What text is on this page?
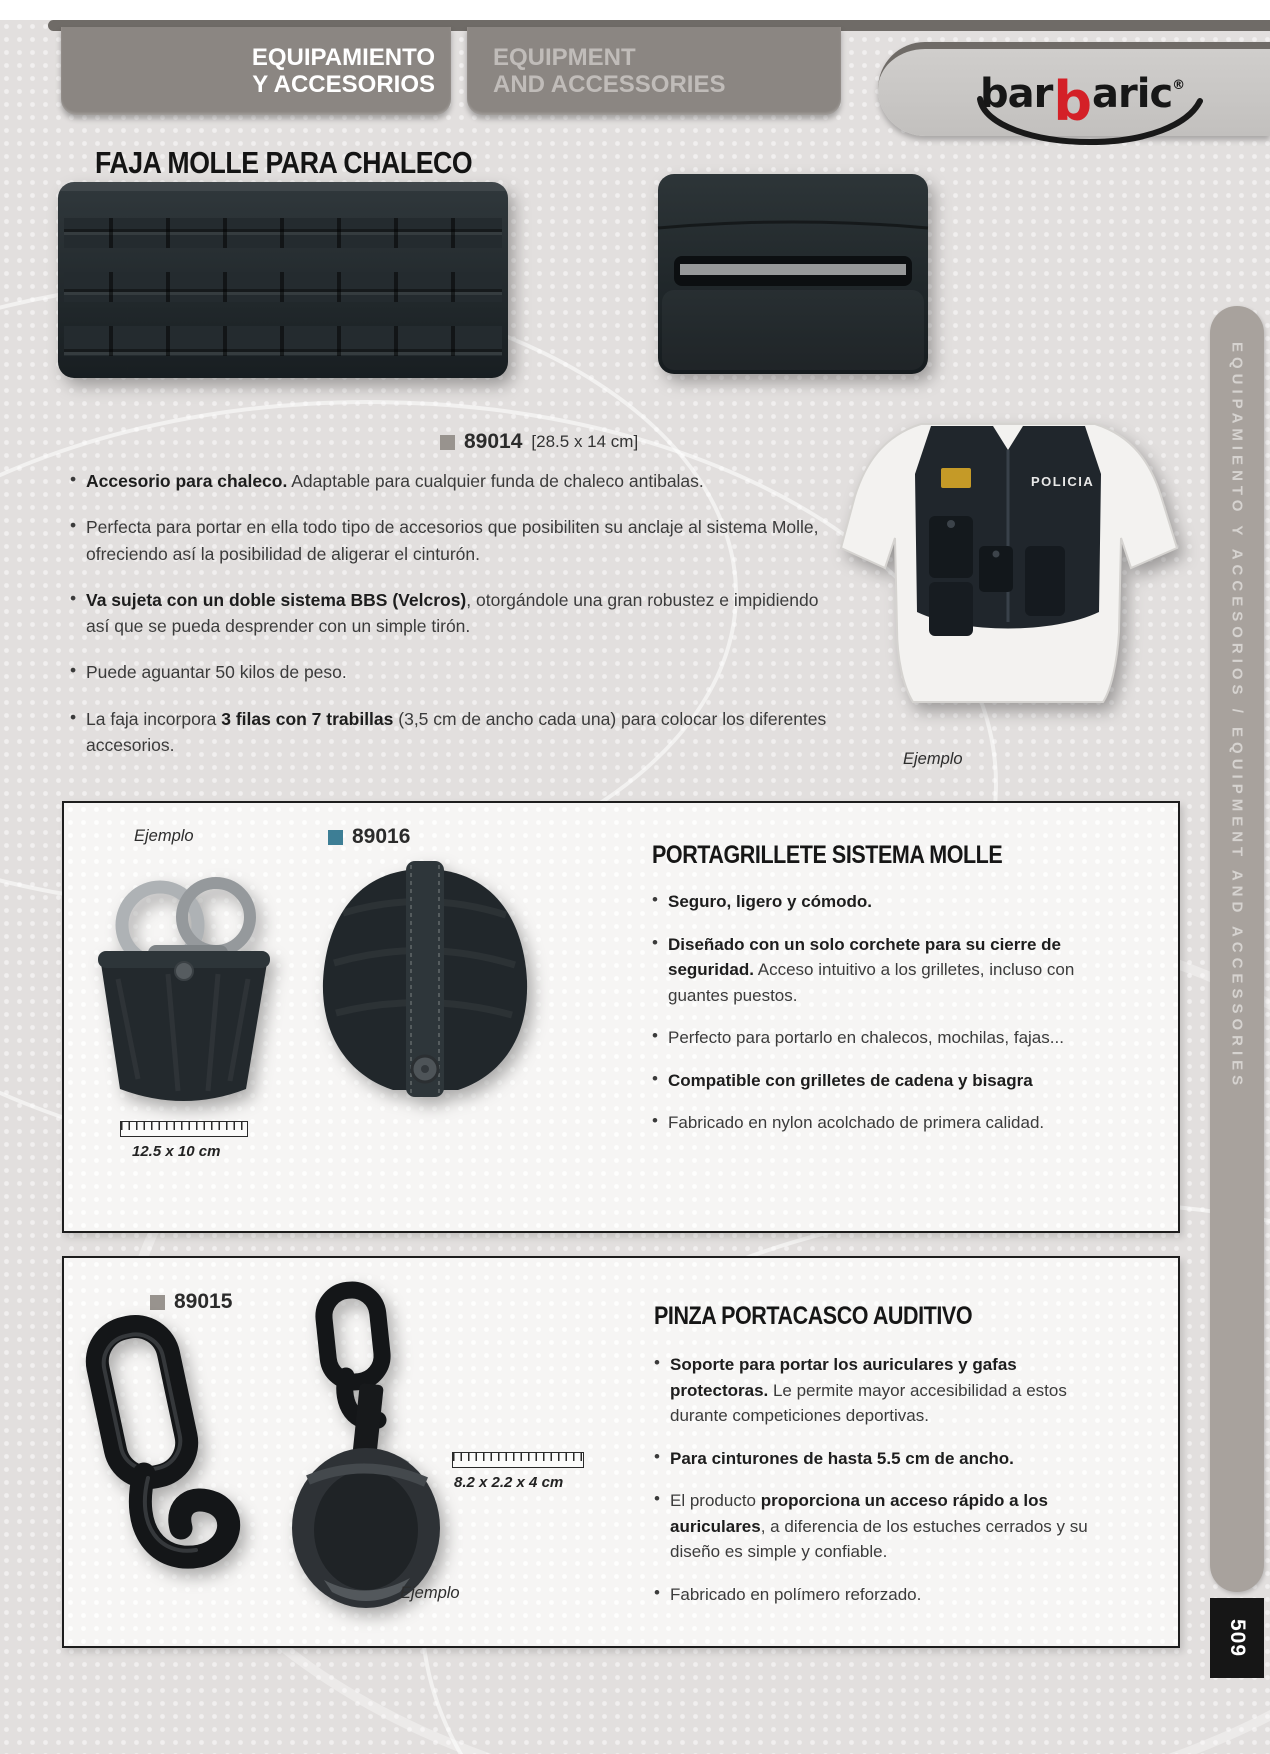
EQUIPAMIENTO
Y ACCESORIOS
EQUIPMENT
AND ACCESSORIES	barbaric®
FAJA MOLLE PARA CHALECO
89014 [28.5 x 14 cm]
• Accesorio para chaleco. Adaptable para cualquier funda de chaleco antibalas.
• Perfecta para portar en ella todo tipo de accesorios que posibiliten su anclaje al sistema Molle, ofreciendo así la posibilidad de aligerar el cinturón.
• Va sujeta con un doble sistema BBS (Velcros), otorgándole una gran robustez e impidiendo así que se pueda desprender con un simple tirón.
• Puede aguantar 50 kilos de peso.
• La faja incorpora 3 filas con 7 trabillas (3,5 cm de ancho cada una) para colocar los diferentes accesorios.
POLICIA
Ejemplo
Ejemplo	89016
12.5 x 10 cm
PORTAGRILLETE SISTEMA MOLLE
• Seguro, ligero y cómodo.
• Diseñado con un solo corchete para su cierre de seguridad. Acceso intuitivo a los grilletes, incluso con guantes puestos.
• Perfecto para portarlo en chalecos, mochilas, fajas...
• Compatible con grilletes de cadena y bisagra
• Fabricado en nylon acolchado de primera calidad.
89015
8.2 x 2.2 x 4 cm
Ejemplo
PINZA PORTACASCO AUDITIVO
• Soporte para portar los auriculares y gafas protectoras. Le permite mayor accesibilidad a estos durante competiciones deportivas.
• Para cinturones de hasta 5.5 cm de ancho.
• El producto proporciona un acceso rápido a los auriculares, a diferencia de los estuches cerrados y su diseño es simple y confiable.
• Fabricado en polímero reforzado.
EQUIPAMIENTO Y ACCESORIOS / EQUIPMENT AND ACCESSORIES
509
